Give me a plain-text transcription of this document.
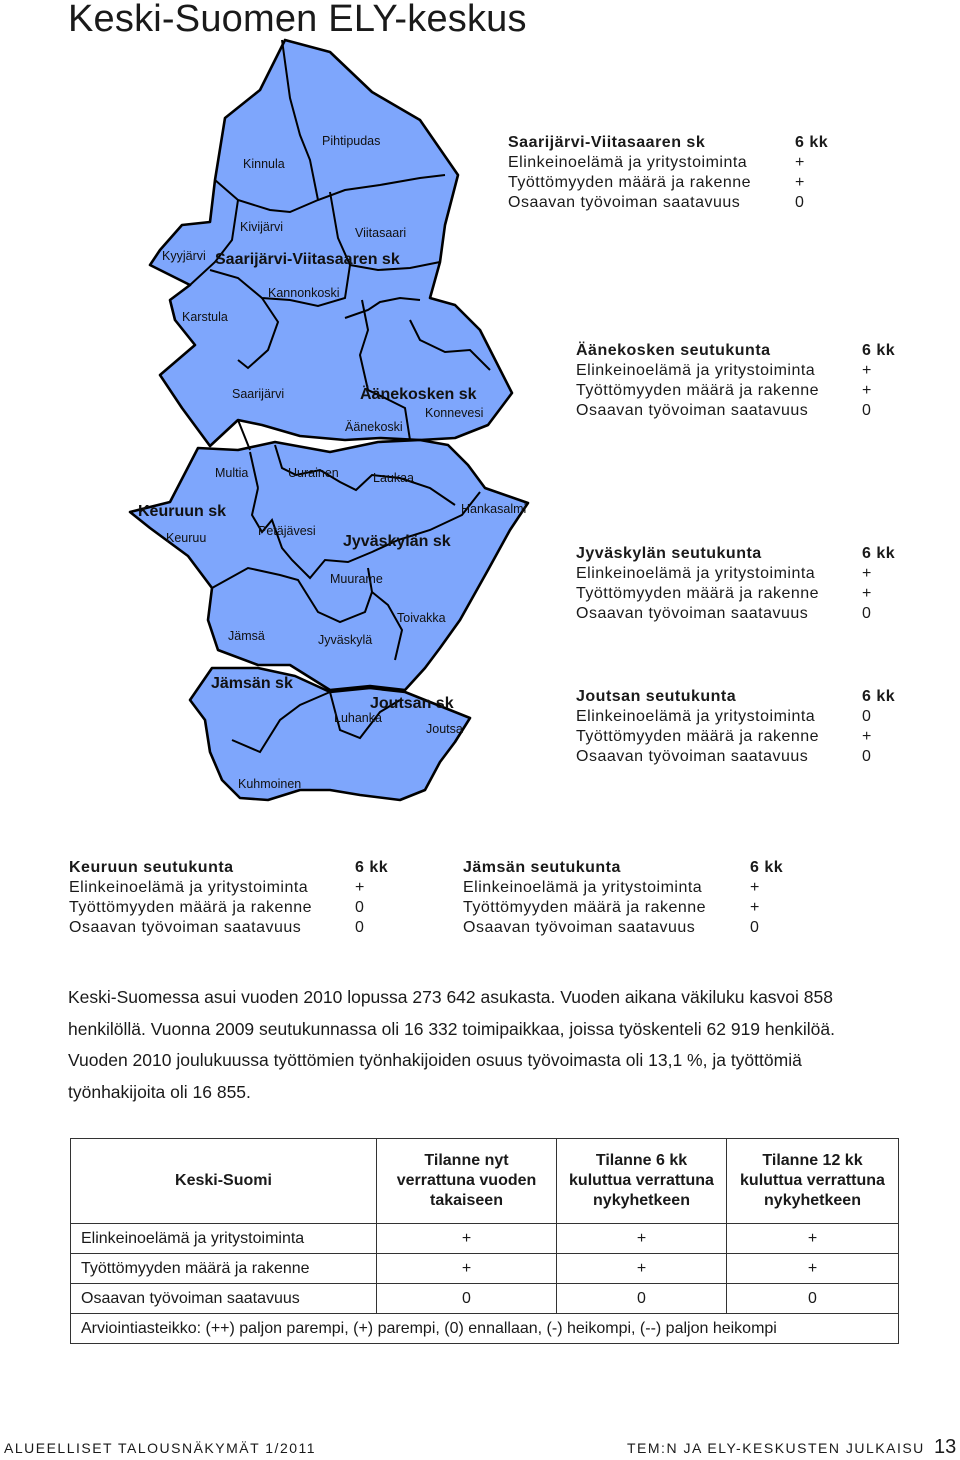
Keski-Suomen ELY-keskus
Pihtipudas
Kinnula
Kivijärvi	Viitasaari
Kyyjärvi Saarijärvi-Viitasaaren sk
Kannonkoski
Karstula
Saarijärvi	Äänekosken sk
Konnevesi
Äänekoski
Multia	Uurainen	Laukaa
Hankasalmi
Keuruun sk
Keuruu	Petäjävesi
Jyväskylän sk
Muurame
Toivakka
Jämsä	Jyväskylä
Jämsän sk
Joutsan sk
Luhanka
Joutsa
Kuhmoinen
Saarijärvi-Viitasaaren sk	6 kk
Elinkeinoelämä ja yritystoiminta	+
Työttömyyden määrä ja rakenne	+
Osaavan työvoiman saatavuus	0
Äänekosken seutukunta	6 kk
Elinkeinoelämä ja yritystoiminta	+
Työttömyyden määrä ja rakenne	+
Osaavan työvoiman saatavuus	0
Jyväskylän seutukunta	6 kk
Elinkeinoelämä ja yritystoiminta	+
Työttömyyden määrä ja rakenne	+
Osaavan työvoiman saatavuus	0
Joutsan seutukunta	6 kk
Elinkeinoelämä ja yritystoiminta	0
Työttömyyden määrä ja rakenne	+
Osaavan työvoiman saatavuus	0
Keuruun seutukunta	6 kk
Elinkeinoelämä ja yritystoiminta	+
Työttömyyden määrä ja rakenne	0
Osaavan työvoiman saatavuus	0
Jämsän seutukunta	6 kk
Elinkeinoelämä ja yritystoiminta	+
Työttömyyden määrä ja rakenne	+
Osaavan työvoiman saatavuus	0

Keski-Suomessa asui vuoden 2010 lopussa 273 642 asukasta. Vuoden aikana väkiluku kasvoi 858 henkilöllä. Vuonna 2009 seutukunnassa oli 16 332 toimipaikkaa, joissa työskenteli 62 919 henkilöä. Vuoden 2010 joulukuussa työttömien työnhakijoiden osuus työvoimasta oli 13,1 %, ja työttömiä työnhakijoita oli 16 855.

Keski-Suomi	Tilanne nyt verrattuna vuoden takaiseen	Tilanne 6 kk kuluttua verrattuna nykyhetkeen	Tilanne 12 kk kuluttua verrattuna nykyhetkeen
Elinkeinoelämä ja yritystoiminta	+	+	+
Työttömyyden määrä ja rakenne	+	+	+
Osaavan työvoiman saatavuus	0	0	0
Arviointiasteikko: (++) paljon parempi, (+) parempi, (0) ennallaan, (-) heikompi, (--) paljon heikompi			
ALUEELLISET TALOUSNÄKYMÄT 1/2011	TEM:N JA ELY-KESKUSTEN JULKAISU 13
